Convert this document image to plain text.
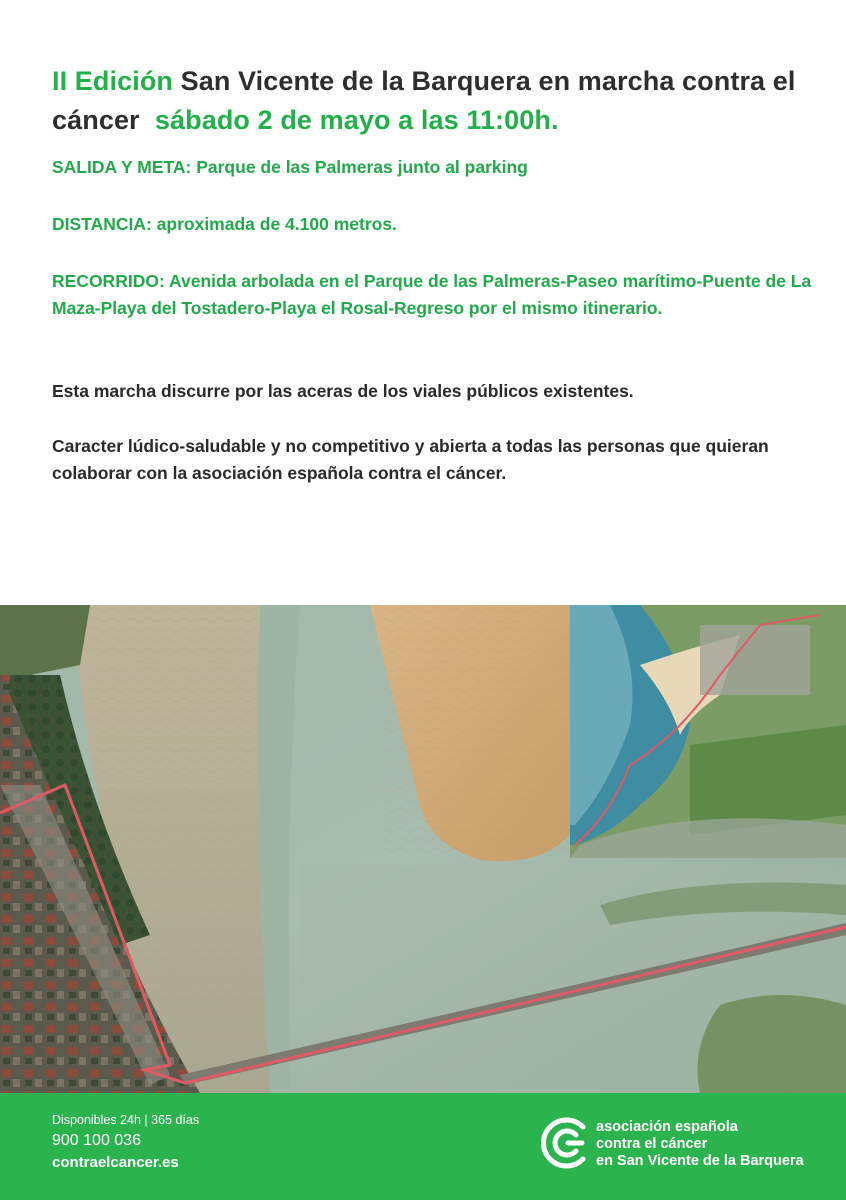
II Edición San Vicente de la Barquera en marcha contra el cáncer sábado 2 de mayo a las 11:00h.

SALIDA Y META: Parque de las Palmeras junto al parking

DISTANCIA: aproximada de 4.100 metros.

RECORRIDO: Avenida arbolada en el Parque de las Palmeras-Paseo marítimo-Puente de La Maza-Playa del Tostadero-Playa el Rosal-Regreso por el mismo itinerario.

Esta marcha discurre por las aceras de los viales públicos existentes.

Caracter lúdico-saludable y no competitivo y abierta a todas las personas que quieran colaborar con la asociación española contra el cáncer.

Disponibles 24h | 365 días
900 100 036
contraelcancer.es
asociación española
contra el cáncer
en San Vicente de la Barquera
